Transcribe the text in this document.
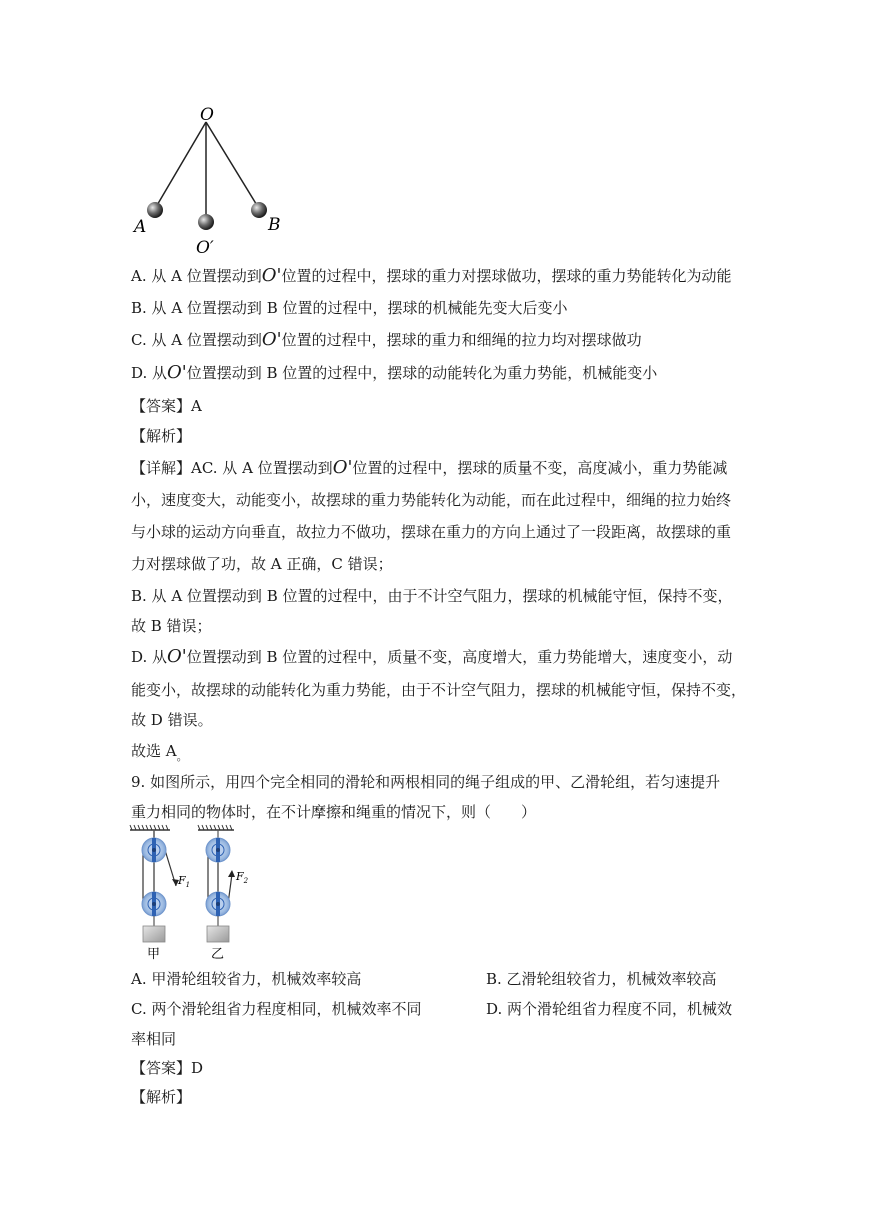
O
A	B
O′
A. 从 A 位置摆动到O'位置的过程中，摆球的重力对摆球做功，摆球的重力势能转化为动能
B. 从 A 位置摆动到 B 位置的过程中，摆球的机械能先变大后变小
C. 从 A 位置摆动到O'位置的过程中，摆球的重力和细绳的拉力均对摆球做功
D. 从O'位置摆动到 B 位置的过程中，摆球的动能转化为重力势能，机械能变小
【答案】A
【解析】
【详解】AC. 从 A 位置摆动到O'位置的过程中，摆球的质量不变，高度减小，重力势能减
小，速度变大，动能变小，故摆球的重力势能转化为动能，而在此过程中，细绳的拉力始终
与小球的运动方向垂直，故拉力不做功，摆球在重力的方向上通过了一段距离，故摆球的重
力对摆球做了功，故 A 正确，C 错误；
B. 从 A 位置摆动到 B 位置的过程中，由于不计空气阻力，摆球的机械能守恒，保持不变，
故 B 错误；
D. 从O'位置摆动到 B 位置的过程中，质量不变，高度增大，重力势能增大，速度变小，动
能变小，故摆球的动能转化为重力势能，由于不计空气阻力，摆球的机械能守恒，保持不变，
故 D 错误。
故选 $A_。$
9. 如图所示，用四个完全相同的滑轮和两根相同的绳子组成的甲、乙滑轮组，若匀速提升
重力相同的物体时，在不计摩擦和绳重的情况下，则（　　）
$F_1$
$F_2$
甲	乙
A. 甲滑轮组较省力，机械效率较高	B. 乙滑轮组较省力，机械效率较高
C. 两个滑轮组省力程度相同，机械效率不同	D. 两个滑轮组省力程度不同，机械效
率相同
【答案】D
【解析】
